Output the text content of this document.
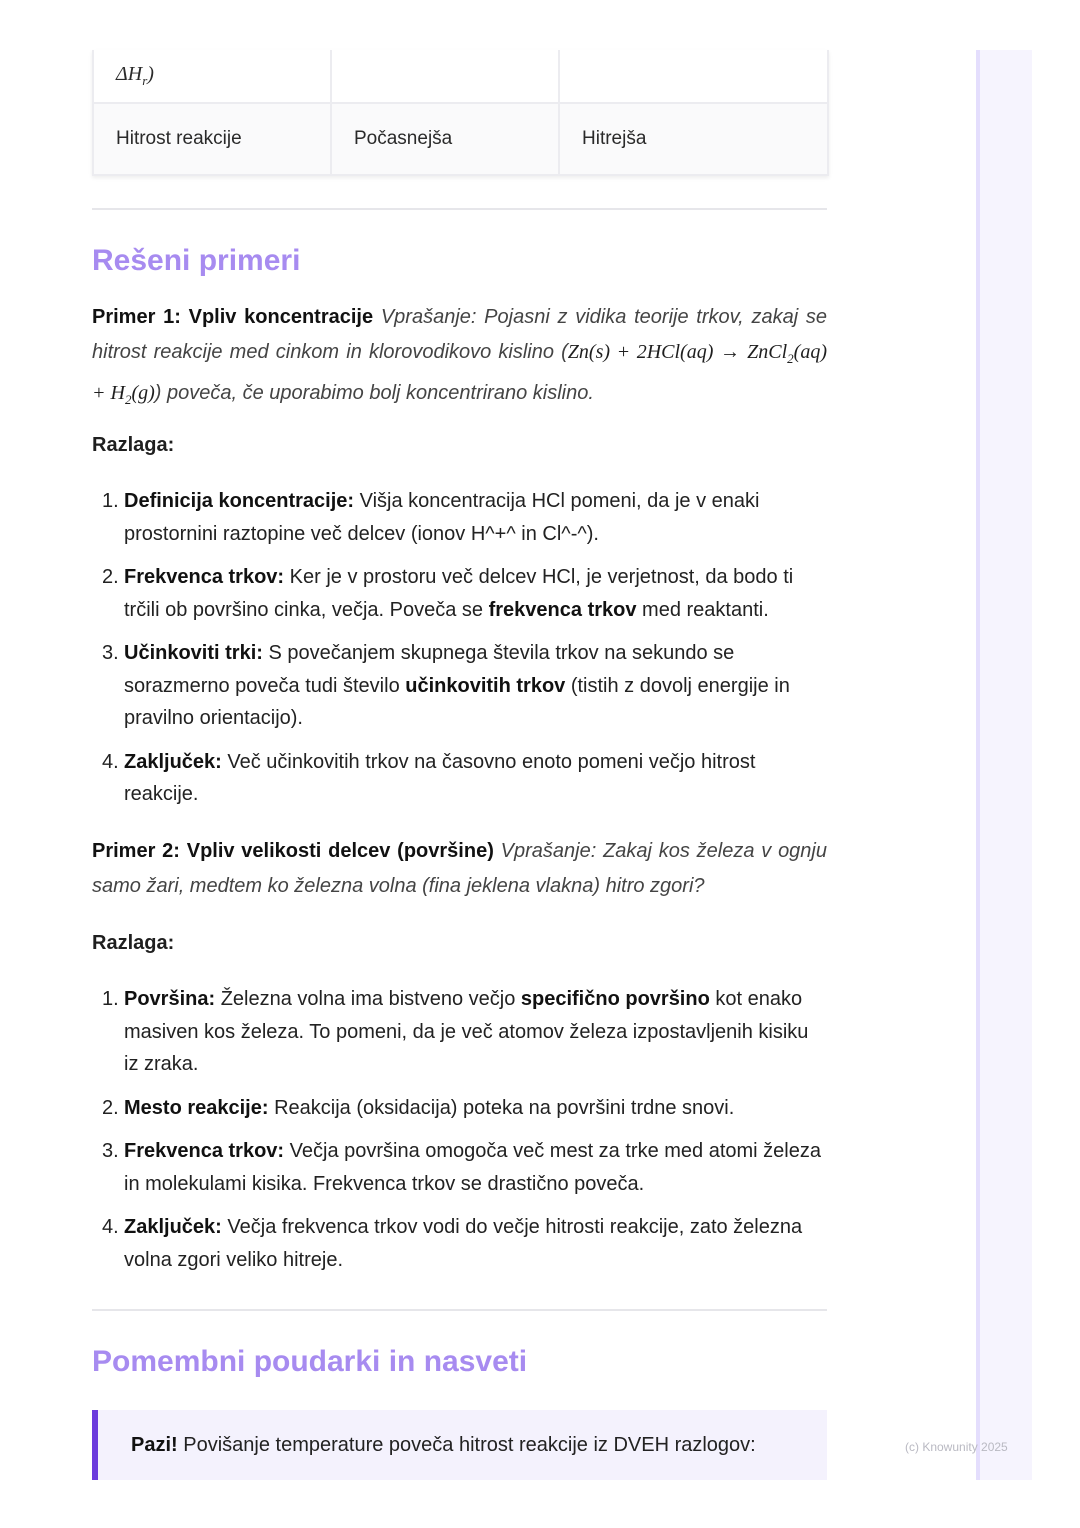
$\Delta H_r$)		
Hitrost reakcije	Počasnejša	Hitrejša
Rešeni primeri

Primer 1: Vpliv koncentracije Vprašanje: Pojasni z vidika teorije trkov, zakaj se hitrost reakcije med cinkom in klorovodikovo kislino (Zn(s) + 2HCl(aq) → ZnCl$_2$(aq) + $H_2(g)$) poveča, če uporabimo bolj koncentrirano kislino.

Razlaga:
1. Definicija koncentracije: Višja koncentracija HCl pomeni, da je v enaki prostornini raztopine več delcev (ionov H^+^ in Cl^-^).
2. Frekvenca trkov: Ker je v prostoru več delcev HCl, je verjetnost, da bodo ti trčili ob površino cinka, večja. Poveča se frekvenca trkov med reaktanti.
3. Učinkoviti trki: S povečanjem skupnega števila trkov na sekundo se sorazmerno poveča tudi število učinkovitih trkov (tistih z dovolj energije in pravilno orientacijo).
4. Zaključek: Več učinkovitih trkov na časovno enoto pomeni večjo hitrost reakcije.

Primer 2: Vpliv velikosti delcev (površine) Vprašanje: Zakaj kos železa v ognju samo žari, medtem ko železna volna (fina jeklena vlakna) hitro zgori?

Razlaga:
1. Površina: Železna volna ima bistveno večjo specifično površino kot enako masiven kos železa. To pomeni, da je več atomov železa izpostavljenih kisiku iz zraka.
2. Mesto reakcije: Reakcija (oksidacija) poteka na površini trdne snovi.
3. Frekvenca trkov: Večja površina omogoča več mest za trke med atomi železa in molekulami kisika. Frekvenca trkov se drastično poveča.
4. Zaključek: Večja frekvenca trkov vodi do večje hitrosti reakcije, zato železna volna zgori veliko hitreje.
Pomembni poudarki in nasveti
Pazi! Povišanje temperature poveča hitrost reakcije iz DVEH razlogov:	(c) Knowunity 2025
